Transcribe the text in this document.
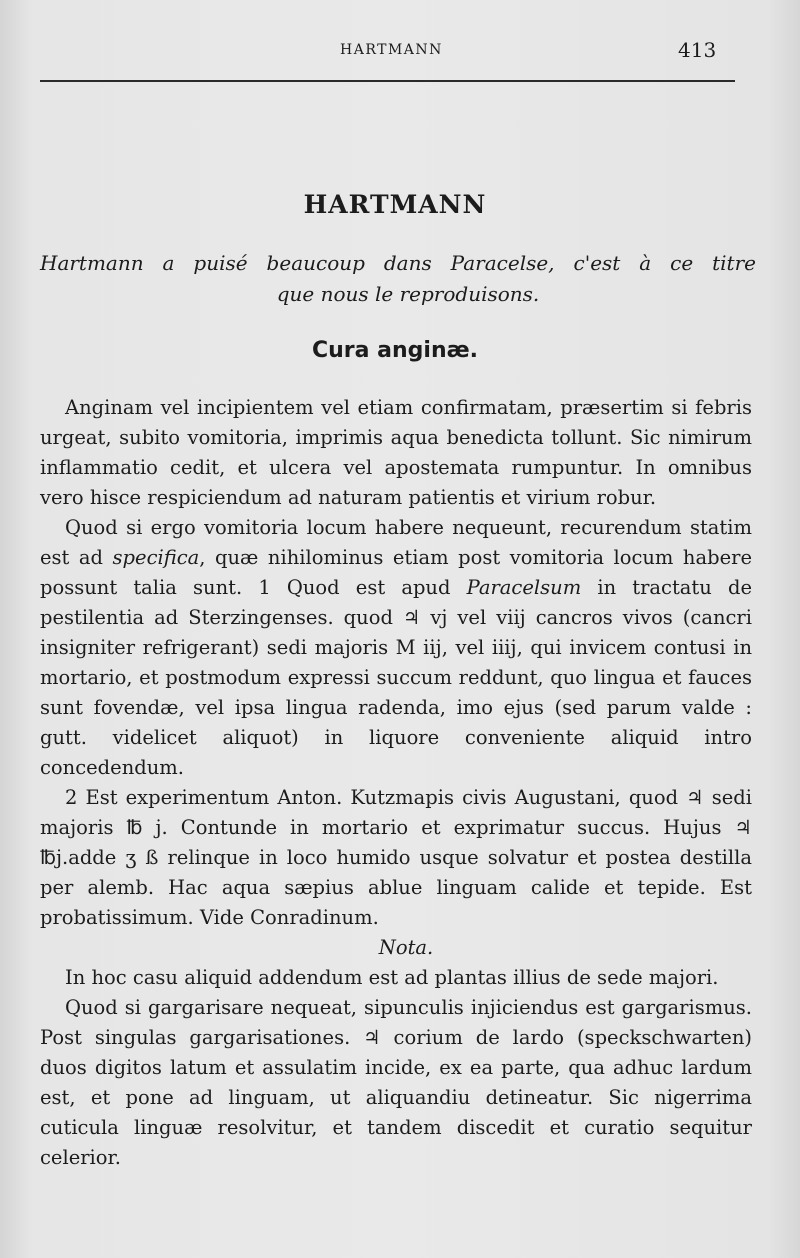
HARTMANN	413
HARTMANN

Hartmann a puisé beaucoup dans Paracelse, c'est à ce titre

que nous le reproduisons.

Cura anginæ.

Anginam vel incipientem vel etiam confirmatam, præsertim si febris urgeat, subito vomitoria, imprimis aqua benedicta tollunt. Sic nimirum inflammatio cedit, et ulcera vel apostemata rumpuntur. In omnibus vero hisce respiciendum ad naturam patientis et virium robur.

Quod si ergo vomitoria locum habere nequeunt, recurendum statim est ad specifica, quæ nihilominus etiam post vomitoria locum habere possunt talia sunt. 1 Quod est apud Paracelsum in tractatu de pestilentia ad Sterzingenses. quod ♃ vj vel viij cancros vivos (cancri insigniter refrigerant) sedi majoris M iij, vel iiij, qui invicem contusi in mortario, et postmodum expressi succum reddunt, quo lingua et fauces sunt fovendæ, vel ipsa lingua radenda, imo ejus (sed parum valde : gutt. videlicet aliquot) in liquore conveniente aliquid intro concedendum.

2 Est experimentum Anton. Kutzmapis civis Augustani, quod ♃ sedi majoris ℔ j. Contunde in mortario et exprimatur succus. Hujus ♃ ℔j.adde ʒ ß relinque in loco humido usque solvatur et postea destilla per alemb. Hac aqua sæpius ablue linguam calide et tepide. Est probatissimum. Vide Conradinum.

Nota.

In hoc casu aliquid addendum est ad plantas illius de sede majori.

Quod si gargarisare nequeat, sipunculis injiciendus est gargarismus. Post singulas gargarisationes. ♃ corium de lardo (speckschwarten) duos digitos latum et assulatim incide, ex ea parte, qua adhuc lardum est, et pone ad linguam, ut aliquandiu detineatur. Sic nigerrima cuticula linguæ resolvitur, et tandem discedit et curatio sequitur celerior.
